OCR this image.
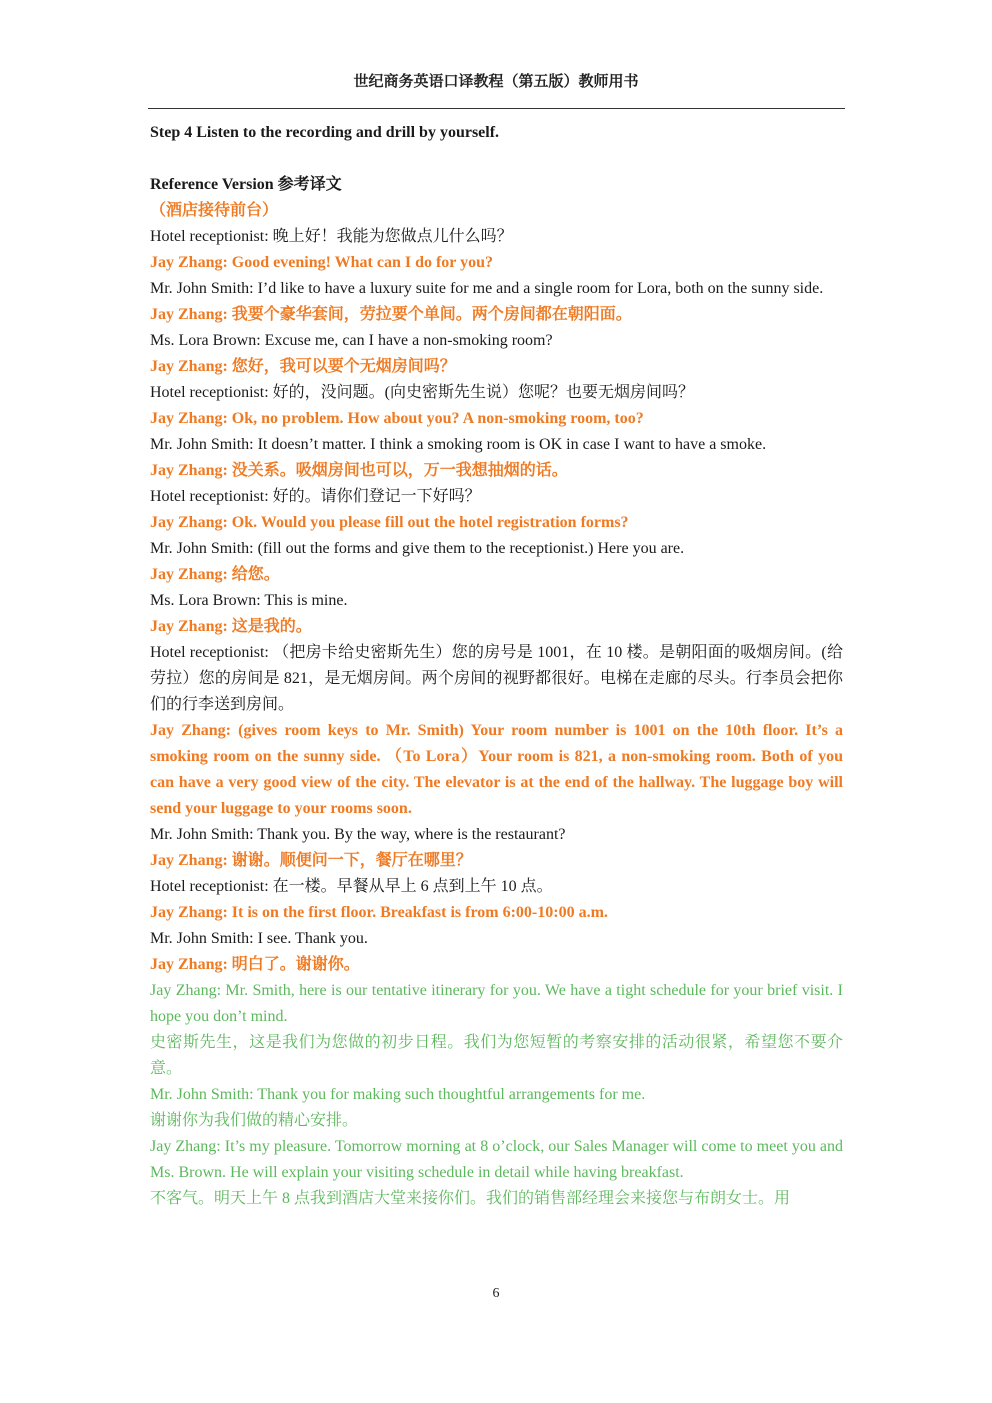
世纪商务英语口译教程（第五版）教师用书

Step 4 Listen to the recording and drill by yourself.

Reference Version 参考译文

（酒店接待前台）

Hotel receptionist: 晚上好！我能为您做点儿什么吗？

Jay Zhang: Good evening! What can I do for you?

Mr. John Smith: I’d like to have a luxury suite for me and a single room for Lora, both on the sunny side.

Jay Zhang: 我要个豪华套间，劳拉要个单间。两个房间都在朝阳面。

Ms. Lora Brown: Excuse me, can I have a non-smoking room?

Jay Zhang: 您好，我可以要个无烟房间吗？

Hotel receptionist: 好的，没问题。(向史密斯先生说）您呢？也要无烟房间吗？

Jay Zhang: Ok, no problem. How about you? A non-smoking room, too?

Mr. John Smith: It doesn’t matter. I think a smoking room is OK in case I want to have a smoke.

Jay Zhang: 没关系。吸烟房间也可以，万一我想抽烟的话。

Hotel receptionist: 好的。请你们登记一下好吗？

Jay Zhang: Ok. Would you please fill out the hotel registration forms?

Mr. John Smith: (fill out the forms and give them to the receptionist.) Here you are.

Jay Zhang: 给您。

Ms. Lora Brown: This is mine.

Jay Zhang: 这是我的。

Hotel receptionist: （把房卡给史密斯先生）您的房号是 1001，在 10 楼。是朝阳面的吸烟房间。(给劳拉）您的房间是 821，是无烟房间。两个房间的视野都很好。电梯在走廊的尽头。行李员会把你们的行李送到房间。

Jay Zhang: (gives room keys to Mr. Smith) Your room number is 1001 on the 10th floor. It’s a smoking room on the sunny side. （To Lora）Your room is 821, a non-smoking room. Both of you can have a very good view of the city. The elevator is at the end of the hallway. The luggage boy will send your luggage to your rooms soon.

Mr. John Smith: Thank you. By the way, where is the restaurant?

Jay Zhang: 谢谢。顺便问一下，餐厅在哪里？

Hotel receptionist: 在一楼。早餐从早上 6 点到上午 10 点。

Jay Zhang: It is on the first floor. Breakfast is from 6:00-10:00 a.m.

Mr. John Smith: I see. Thank you.

Jay Zhang: 明白了。谢谢你。

Jay Zhang: Mr. Smith, here is our tentative itinerary for you. We have a tight schedule for your brief visit. I hope you don’t mind.

史密斯先生，这是我们为您做的初步日程。我们为您短暂的考察安排的活动很紧，希望您不要介意。

Mr. John Smith: Thank you for making such thoughtful arrangements for me.

谢谢你为我们做的精心安排。

Jay Zhang: It’s my pleasure. Tomorrow morning at 8 o’clock, our Sales Manager will come to meet you and Ms. Brown. He will explain your visiting schedule in detail while having breakfast.

不客气。明天上午 8 点我到酒店大堂来接你们。我们的销售部经理会来接您与布朗女士。用

6
